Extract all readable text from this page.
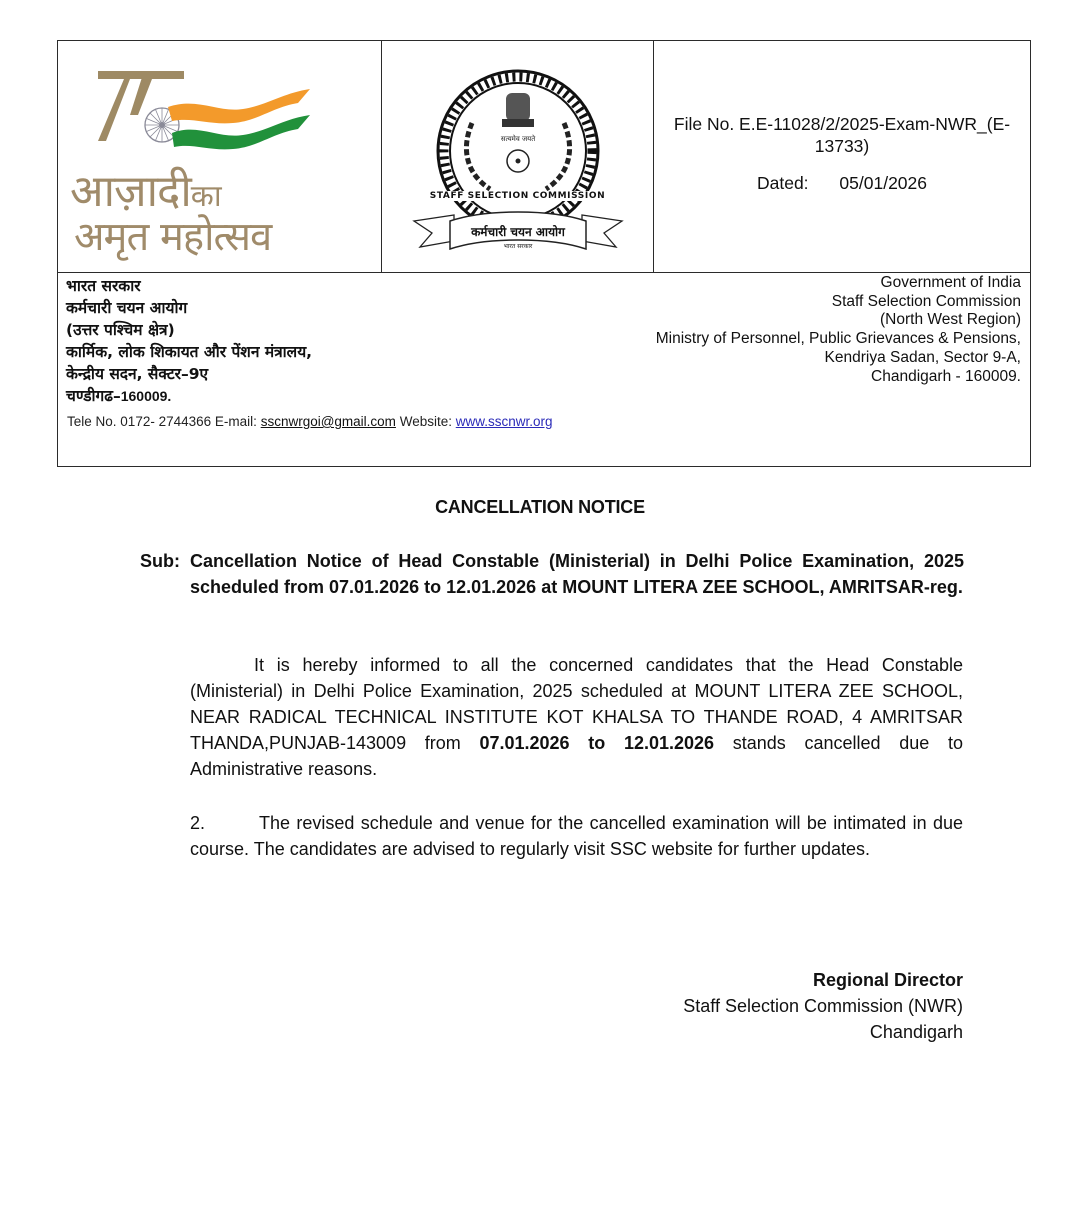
आज़ादीका
अमृत महोत्सव
सत्यमेव जयते
कर्मचारी चयन आयोग
भारत सरकार
STAFF SELECTION COMMISSION
File No. E.E-11028/2/2025-Exam-NWR_(E-13733)
Dated: 05/01/2026
भारत सरकार
कर्मचारी चयन आयोग
(उत्तर पश्चिम क्षेत्र)
कार्मिक, लोक शिकायत और पेंशन मंत्रालय,
केन्द्रीय सदन, सैक्टर–9ए
चण्डीगढ–160009.
Government of India
Staff Selection Commission
(North West Region)
Ministry of Personnel, Public Grievances & Pensions,
Kendriya Sadan, Sector 9-A,
Chandigarh - 160009.
Tele No. 0172- 2744366 E-mail: sscnwrgoi@gmail.com Website: www.sscnwr.org
CANCELLATION NOTICE
Sub: Cancellation Notice of Head Constable (Ministerial) in Delhi Police Examination, 2025 scheduled from 07.01.2026 to 12.01.2026 at MOUNT LITERA ZEE SCHOOL, AMRITSAR-reg.
It is hereby informed to all the concerned candidates that the Head Constable (Ministerial) in Delhi Police Examination, 2025 scheduled at MOUNT LITERA ZEE SCHOOL, NEAR RADICAL TECHNICAL INSTITUTE KOT KHALSA TO THANDE ROAD, 4 AMRITSAR THANDA,PUNJAB-143009 from 07.01.2026 to 12.01.2026 stands cancelled due to Administrative reasons.
2.	The revised schedule and venue for the cancelled examination will be intimated in due course. The candidates are advised to regularly visit SSC website for further updates.
Regional Director
Staff Selection Commission (NWR)
Chandigarh
